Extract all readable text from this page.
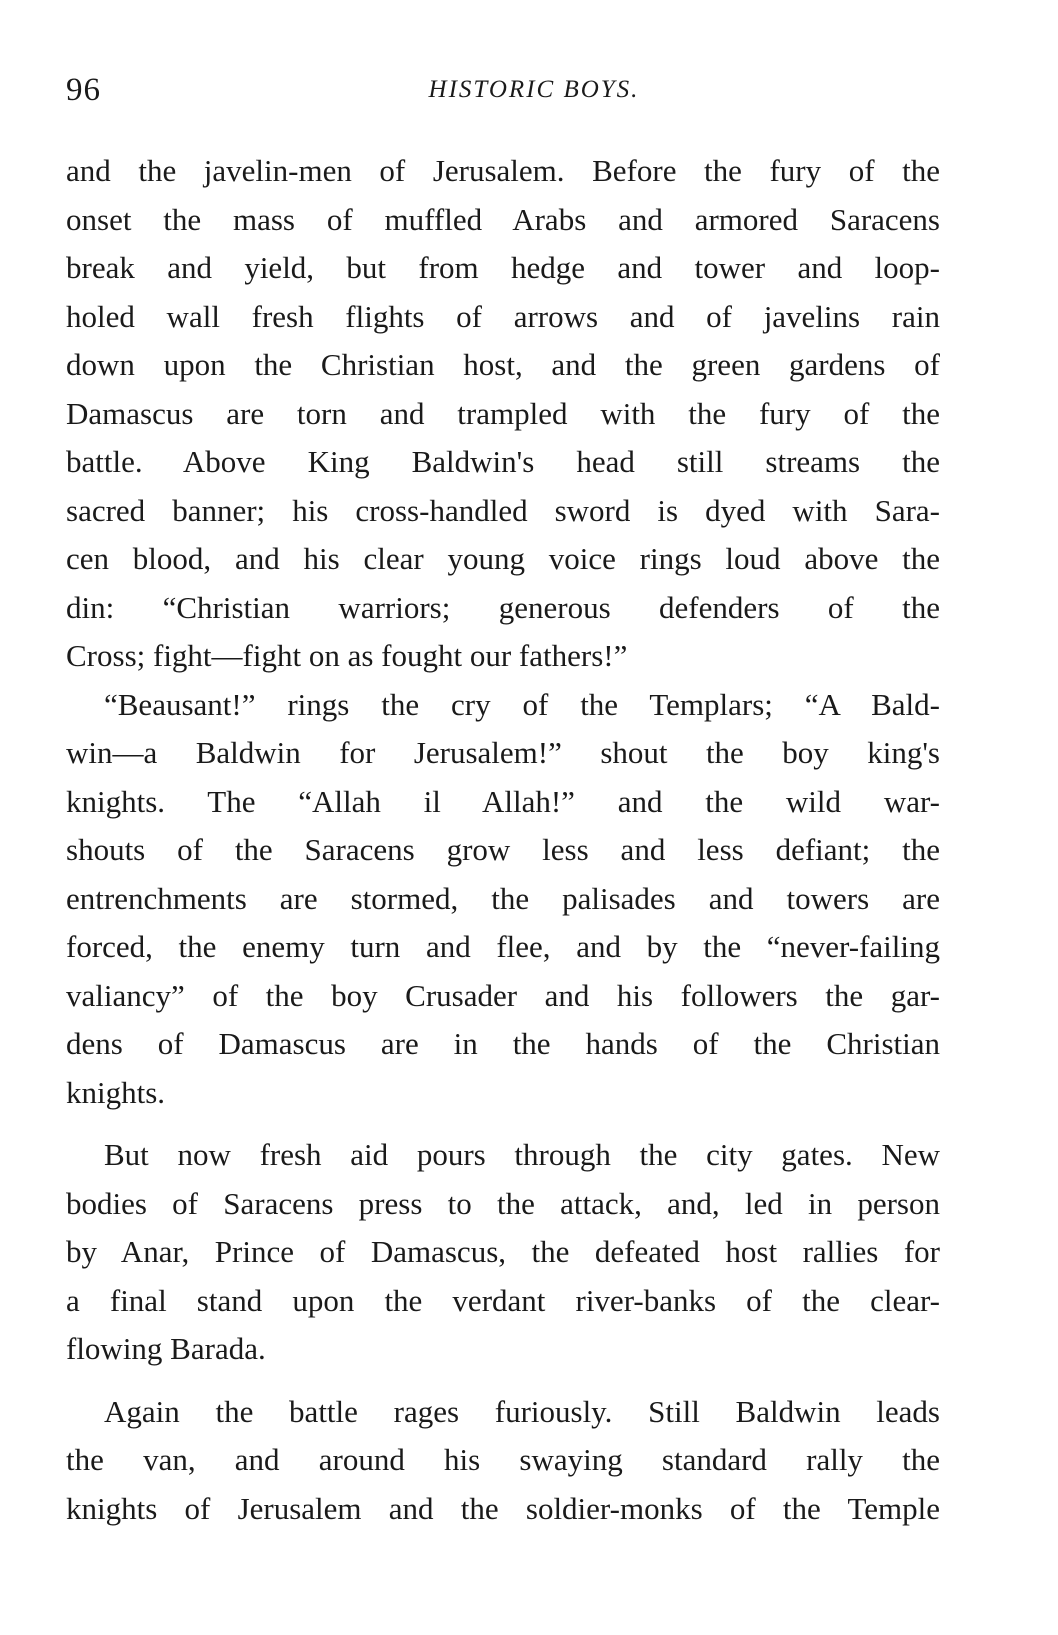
96	HISTORIC BOYS.
and the javelin-men of Jerusalem. Before the fury of the
onset the mass of muffled Arabs and armored Saracens
break and yield, but from hedge and tower and loop-
holed wall fresh flights of arrows and of javelins rain
down upon the Christian host, and the green gardens of
Damascus are torn and trampled with the fury of the
battle. Above King Baldwin's head still streams the
sacred banner; his cross-handled sword is dyed with Sara-
cen blood, and his clear young voice rings loud above the
din: “Christian warriors; generous defenders of the
Cross; fight—fight on as fought our fathers!”
“Beausant!” rings the cry of the Templars; “A Bald-
win—a Baldwin for Jerusalem!” shout the boy king's
knights. The “Allah il Allah!” and the wild war-
shouts of the Saracens grow less and less defiant; the
entrenchments are stormed, the palisades and towers are
forced, the enemy turn and flee, and by the “never-failing
valiancy” of the boy Crusader and his followers the gar-
dens of Damascus are in the hands of the Christian
knights.
But now fresh aid pours through the city gates. New
bodies of Saracens press to the attack, and, led in person
by Anar, Prince of Damascus, the defeated host rallies for
a final stand upon the verdant river-banks of the clear-
flowing Barada.
Again the battle rages furiously. Still Baldwin leads
the van, and around his swaying standard rally the
knights of Jerusalem and the soldier-monks of the Temple
